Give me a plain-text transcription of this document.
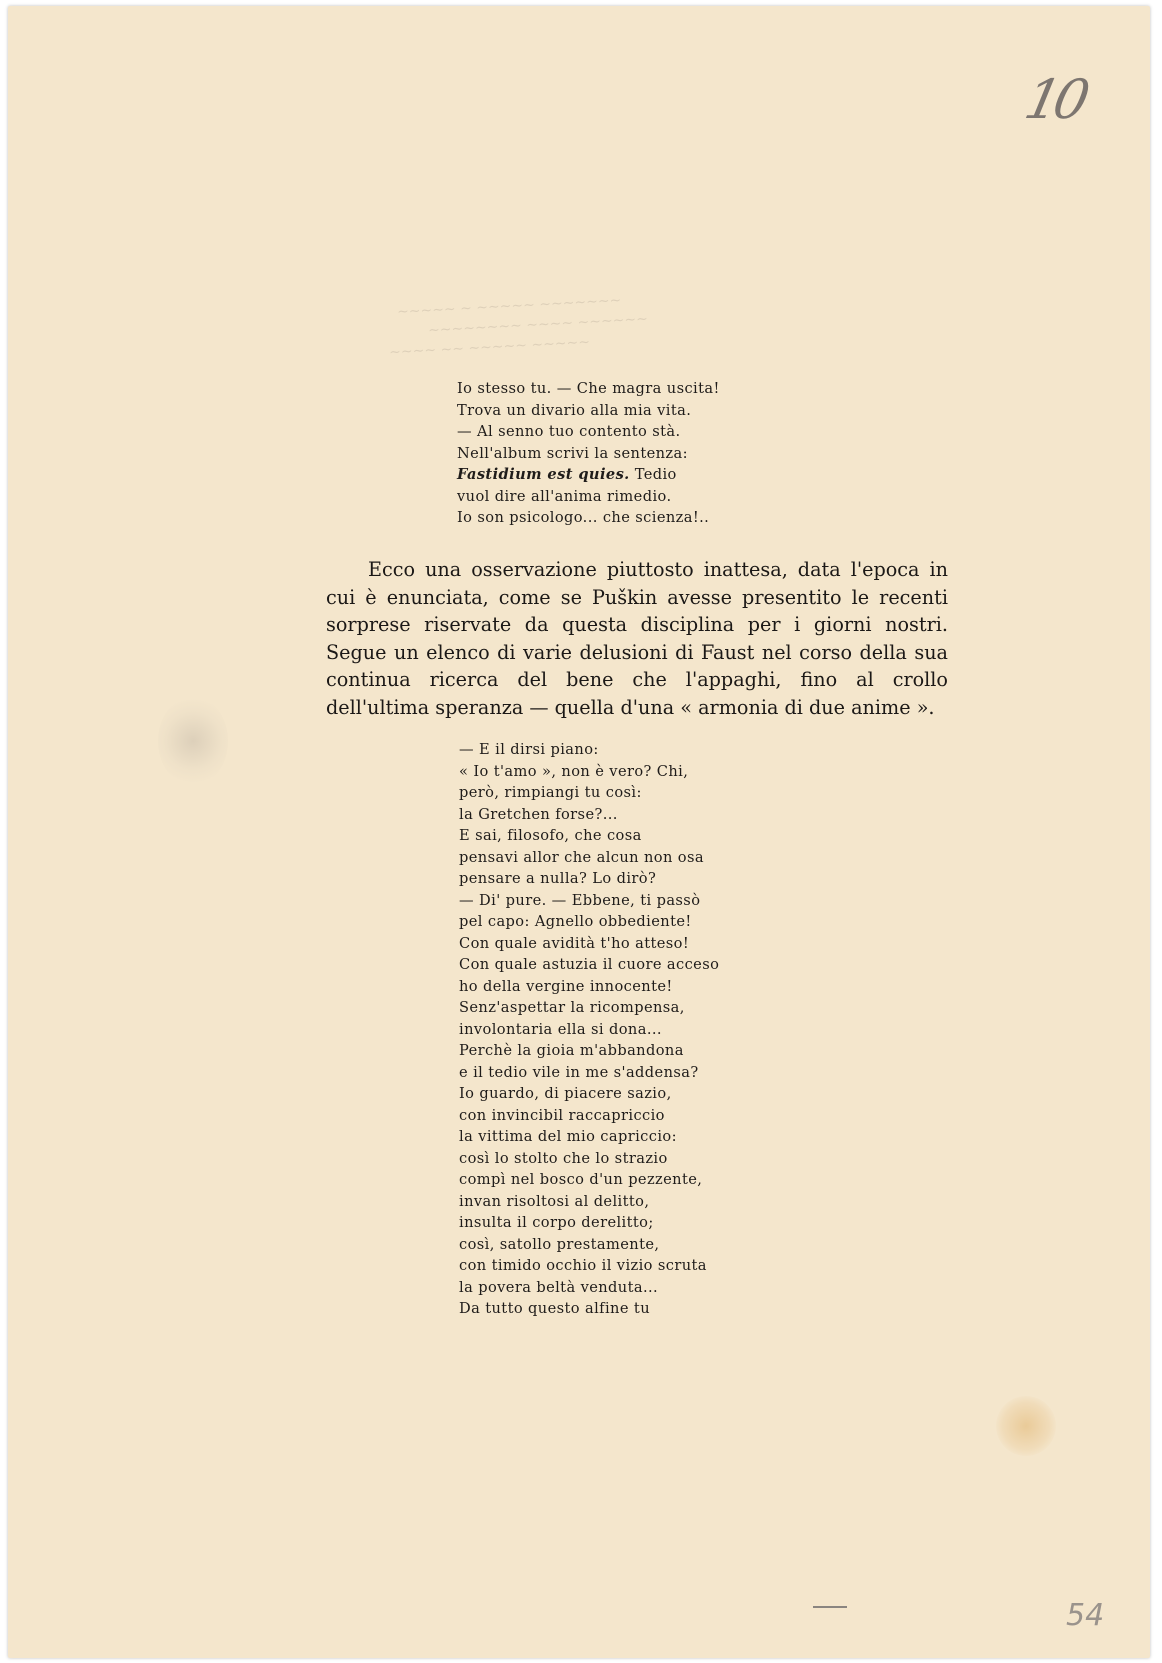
~~~~~ ~ ~~~~~ ~~~~~~~
~~~~~~~~ ~~~~ ~~~~~~
~~~~ ~~ ~~~~~ ~~~~~
10
Io stesso tu. — Che magra uscita!
Trova un divario alla mia vita.
— Al senno tuo contento stà.
Nell'album scrivi la sentenza:
Fastidium est quies. Tedio
vuol dire all'anima rimedio.
Io son psicologo... che scienza!..
Ecco una osservazione piuttosto inattesa, data l'epoca in cui è enunciata, come se Puškin avesse presentito le recenti sorprese riservate da questa disciplina per i giorni nostri. Segue un elenco di varie delusioni di Faust nel corso della sua continua ricerca del bene che l'appaghi, fino al crollo dell'ultima speranza — quella d'una « armonia di due anime ».
— E il dirsi piano:
« Io t'amo », non è vero? Chi,
però, rimpiangi tu così:
la Gretchen forse?...
E sai, filosofo, che cosa
pensavi allor che alcun non osa
pensare a nulla? Lo dirò?
— Di' pure. — Ebbene, ti passò
pel capo: Agnello obbediente!
Con quale avidità t'ho atteso!
Con quale astuzia il cuore acceso
ho della vergine innocente!
Senz'aspettar la ricompensa,
involontaria ella si dona...
Perchè la gioia m'abbandona
e il tedio vile in me s'addensa?
Io guardo, di piacere sazio,
con invincibil raccapriccio
la vittima del mio capriccio:
così lo stolto che lo strazio
compì nel bosco d'un pezzente,
invan risoltosi al delitto,
insulta il corpo derelitto;
così, satollo prestamente,
con timido occhio il vizio scruta
la povera beltà venduta...
Da tutto questo alfine tu
54
